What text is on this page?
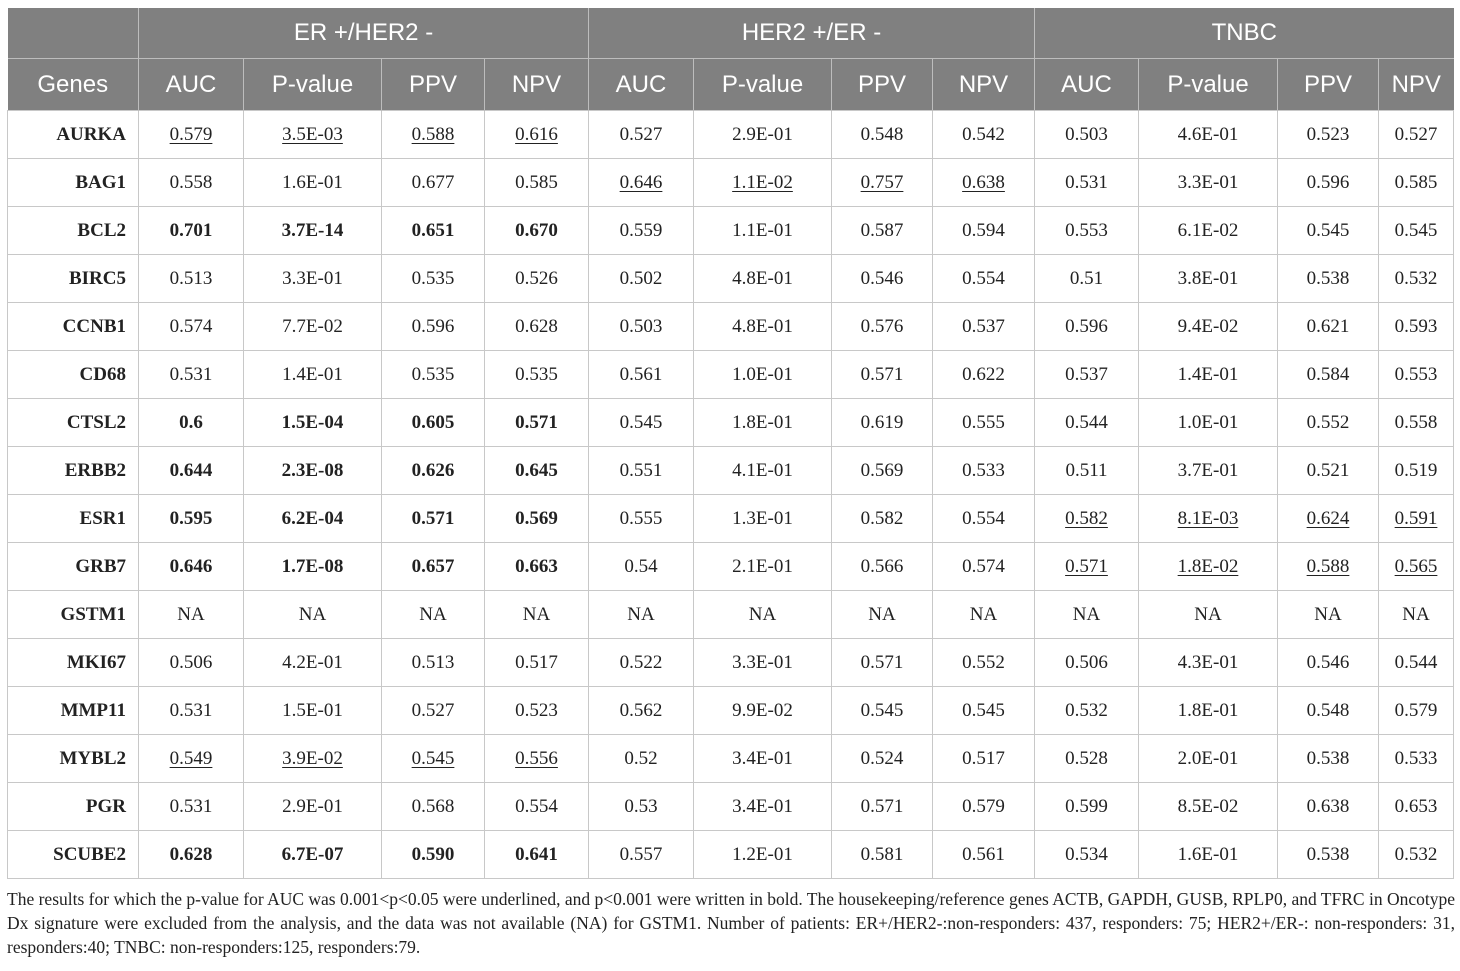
	ER +/HER2 -				HER2 +/ER -				TNBC			
Genes	AUC	P-value	PPV	NPV	AUC	P-value	PPV	NPV	AUC	P-value	PPV	NPV
AURKA	0.579	3.5E-03	0.588	0.616	0.527	2.9E-01	0.548	0.542	0.503	4.6E-01	0.523	0.527
BAG1	0.558	1.6E-01	0.677	0.585	0.646	1.1E-02	0.757	0.638	0.531	3.3E-01	0.596	0.585
BCL2	0.701	3.7E-14	0.651	0.670	0.559	1.1E-01	0.587	0.594	0.553	6.1E-02	0.545	0.545
BIRC5	0.513	3.3E-01	0.535	0.526	0.502	4.8E-01	0.546	0.554	0.51	3.8E-01	0.538	0.532
CCNB1	0.574	7.7E-02	0.596	0.628	0.503	4.8E-01	0.576	0.537	0.596	9.4E-02	0.621	0.593
CD68	0.531	1.4E-01	0.535	0.535	0.561	1.0E-01	0.571	0.622	0.537	1.4E-01	0.584	0.553
CTSL2	0.6	1.5E-04	0.605	0.571	0.545	1.8E-01	0.619	0.555	0.544	1.0E-01	0.552	0.558
ERBB2	0.644	2.3E-08	0.626	0.645	0.551	4.1E-01	0.569	0.533	0.511	3.7E-01	0.521	0.519
ESR1	0.595	6.2E-04	0.571	0.569	0.555	1.3E-01	0.582	0.554	0.582	8.1E-03	0.624	0.591
GRB7	0.646	1.7E-08	0.657	0.663	0.54	2.1E-01	0.566	0.574	0.571	1.8E-02	0.588	0.565
GSTM1	NA	NA	NA	NA	NA	NA	NA	NA	NA	NA	NA	NA
MKI67	0.506	4.2E-01	0.513	0.517	0.522	3.3E-01	0.571	0.552	0.506	4.3E-01	0.546	0.544
MMP11	0.531	1.5E-01	0.527	0.523	0.562	9.9E-02	0.545	0.545	0.532	1.8E-01	0.548	0.579
MYBL2	0.549	3.9E-02	0.545	0.556	0.52	3.4E-01	0.524	0.517	0.528	2.0E-01	0.538	0.533
PGR	0.531	2.9E-01	0.568	0.554	0.53	3.4E-01	0.571	0.579	0.599	8.5E-02	0.638	0.653
SCUBE2	0.628	6.7E-07	0.590	0.641	0.557	1.2E-01	0.581	0.561	0.534	1.6E-01	0.538	0.532

The results for which the p-value for AUC was 0.001<p<0.05 were underlined, and p<0.001 were written in bold. The housekeeping/reference genes ACTB, GAPDH, GUSB, RPLP0, and TFRC in Oncotype Dx signature were excluded from the analysis, and the data was not available (NA) for GSTM1. Number of patients: ER+/HER2-:non-responders: 437, responders: 75; HER2+/ER-: non-responders: 31, responders:40; TNBC: non-responders:125, responders:79.
